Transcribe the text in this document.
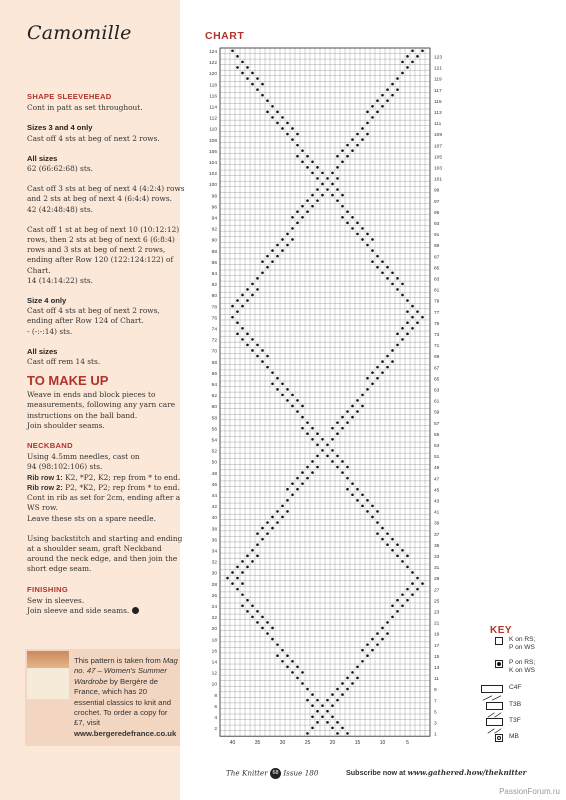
Camomille
SHAPE SLEEVEHEAD

Cont in patt as set throughout.

Sizes 3 and 4 only

Cast off 4 sts at beg of next 2 rows.

All sizes

62 (66:62:68) sts.

Cast off 3 sts at beg of next 4 (4:2:4) rows and 2 sts at beg of next 4 (6:4:4) rows.

42 (42:48:48) sts.

Cast off 1 st at beg of next 10 (10:12:12) rows, then 2 sts at beg of next 6 (6:8:4) rows and 3 sts at beg of next 2 rows, ending after Row 120 (122:124:122) of Chart.

14 (14:14:22) sts.

Size 4 only

Cast off 4 sts at beg of next 2 rows, ending after Row 124 of Chart.

- (-:-:14) sts.

All sizes

Cast off rem 14 sts.

TO MAKE UP

Weave in ends and block pieces to measurements, following any yarn care instructions on the ball band.

Join shoulder seams.

NECKBAND

Using 4.5mm needles, cast on

94 (98:102:106) sts.

Rib row 1: K2, *P2, K2; rep from * to end.

Rib row 2: P2, *K2, P2; rep from * to end.

Cont in rib as set for 2cm, ending after a WS row.

Leave these sts on a spare needle.

Using backstitch and starting and ending at a shoulder seam, graft Neckband around the neck edge, and then join the short edge seam.

FINISHING

Sew in sleeves.

Join sleeve and side seams.

This pattern is taken from Mag no. 47 – Women's Summer Wardrobe by Bergère de France, which has 20 essential classics to knit and crochet. To order a copy for £7, visit www.bergeredefrance.co.uk
CHART
124
122
120
118
116
114
112
110
108
106
104
102
100
98
96
94
92
90
88
86
84
82
80
78
76
74
72
70
68
66
64
62
60
58
56
54
52
50
48
46
44
42
40
38
36
34
32
30
28
26
24
22
20
18
16
14
12
10
8
6
4
2
123
121
119
117
115
113
111
109
107
105
103
101
99
97
95
93
91
89
87
85
83
81
79
77
75
73
71
69
67
65
63
61
59
57
55
53
51
49
47
45
43
41
39
37
35
33
31
29
27
25
23
21
19
17
15
13
11
9
7
5
3
1
40	35	30	25	20	15	10	5
KEY
K on RS;
P on WS
P on RS;
K on WS
C4F
T3B
T3F
MB
The Knitter 68 Issue 180	Subscribe now at www.gathered.how/theknitter
PassionForum.ru
